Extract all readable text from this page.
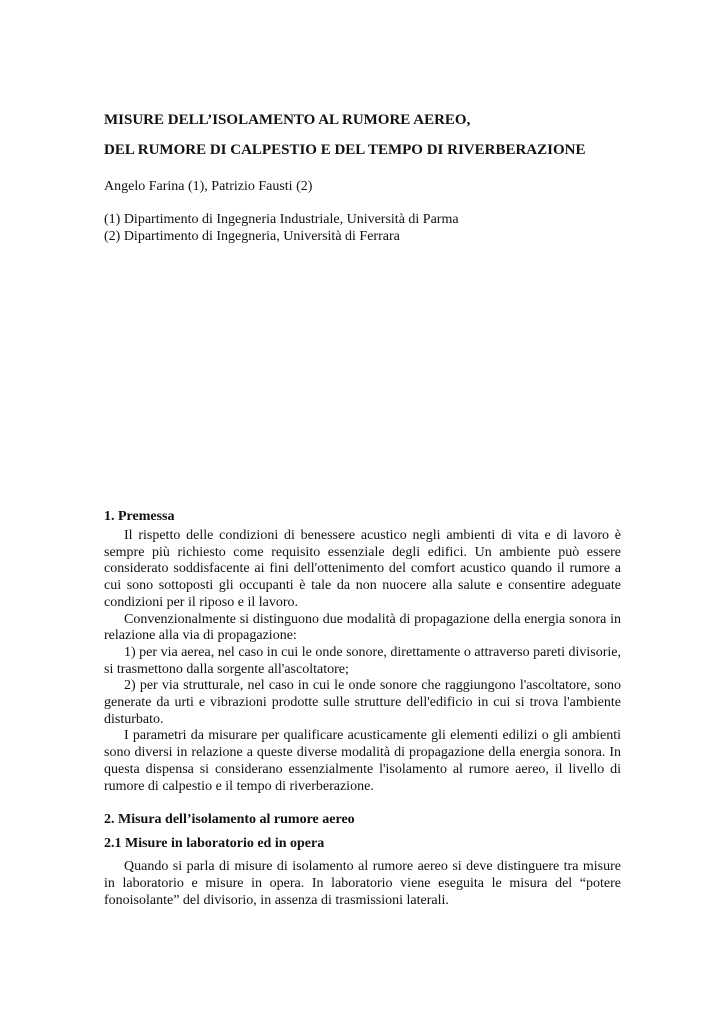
MISURE DELL’ISOLAMENTO AL RUMORE AEREO,
DEL RUMORE DI CALPESTIO E DEL TEMPO DI RIVERBERAZIONE
Angelo Farina (1), Patrizio Fausti (2)
(1) Dipartimento di Ingegneria Industriale, Università di Parma
(2) Dipartimento di Ingegneria, Università di Ferrara
1. Premessa

Il rispetto delle condizioni di benessere acustico negli ambienti di vita e di lavoro è sempre più richiesto come requisito essenziale degli edifici. Un ambiente può essere considerato soddisfacente ai fini dell'ottenimento del comfort acustico quando il rumore a cui sono sottoposti gli occupanti è tale da non nuocere alla salute e consentire adeguate condizioni per il riposo e il lavoro.

Convenzionalmente si distinguono due modalità di propagazione della energia sonora in relazione alla via di propagazione:

1) per via aerea, nel caso in cui le onde sonore, direttamente o attraverso pareti divisorie, si trasmettono dalla sorgente all'ascoltatore;

2) per via strutturale, nel caso in cui le onde sonore che raggiungono l'ascoltatore, sono generate da urti e vibrazioni prodotte sulle strutture dell'edificio in cui si trova l'ambiente disturbato.

I parametri da misurare per qualificare acusticamente gli elementi edilizi o gli ambienti sono diversi in relazione a queste diverse modalità di propagazione della energia sonora. In questa dispensa si considerano essenzialmente l'isolamento al rumore aereo, il livello di rumore di calpestio e il tempo di riverberazione.

2. Misura dell’isolamento al rumore aereo
2.1 Misure in laboratorio ed in opera

Quando si parla di misure di isolamento al rumore aereo si deve distinguere tra misure in laboratorio e misure in opera. In laboratorio viene eseguita le misura del “potere fonoisolante” del divisorio, in assenza di trasmissioni laterali.
